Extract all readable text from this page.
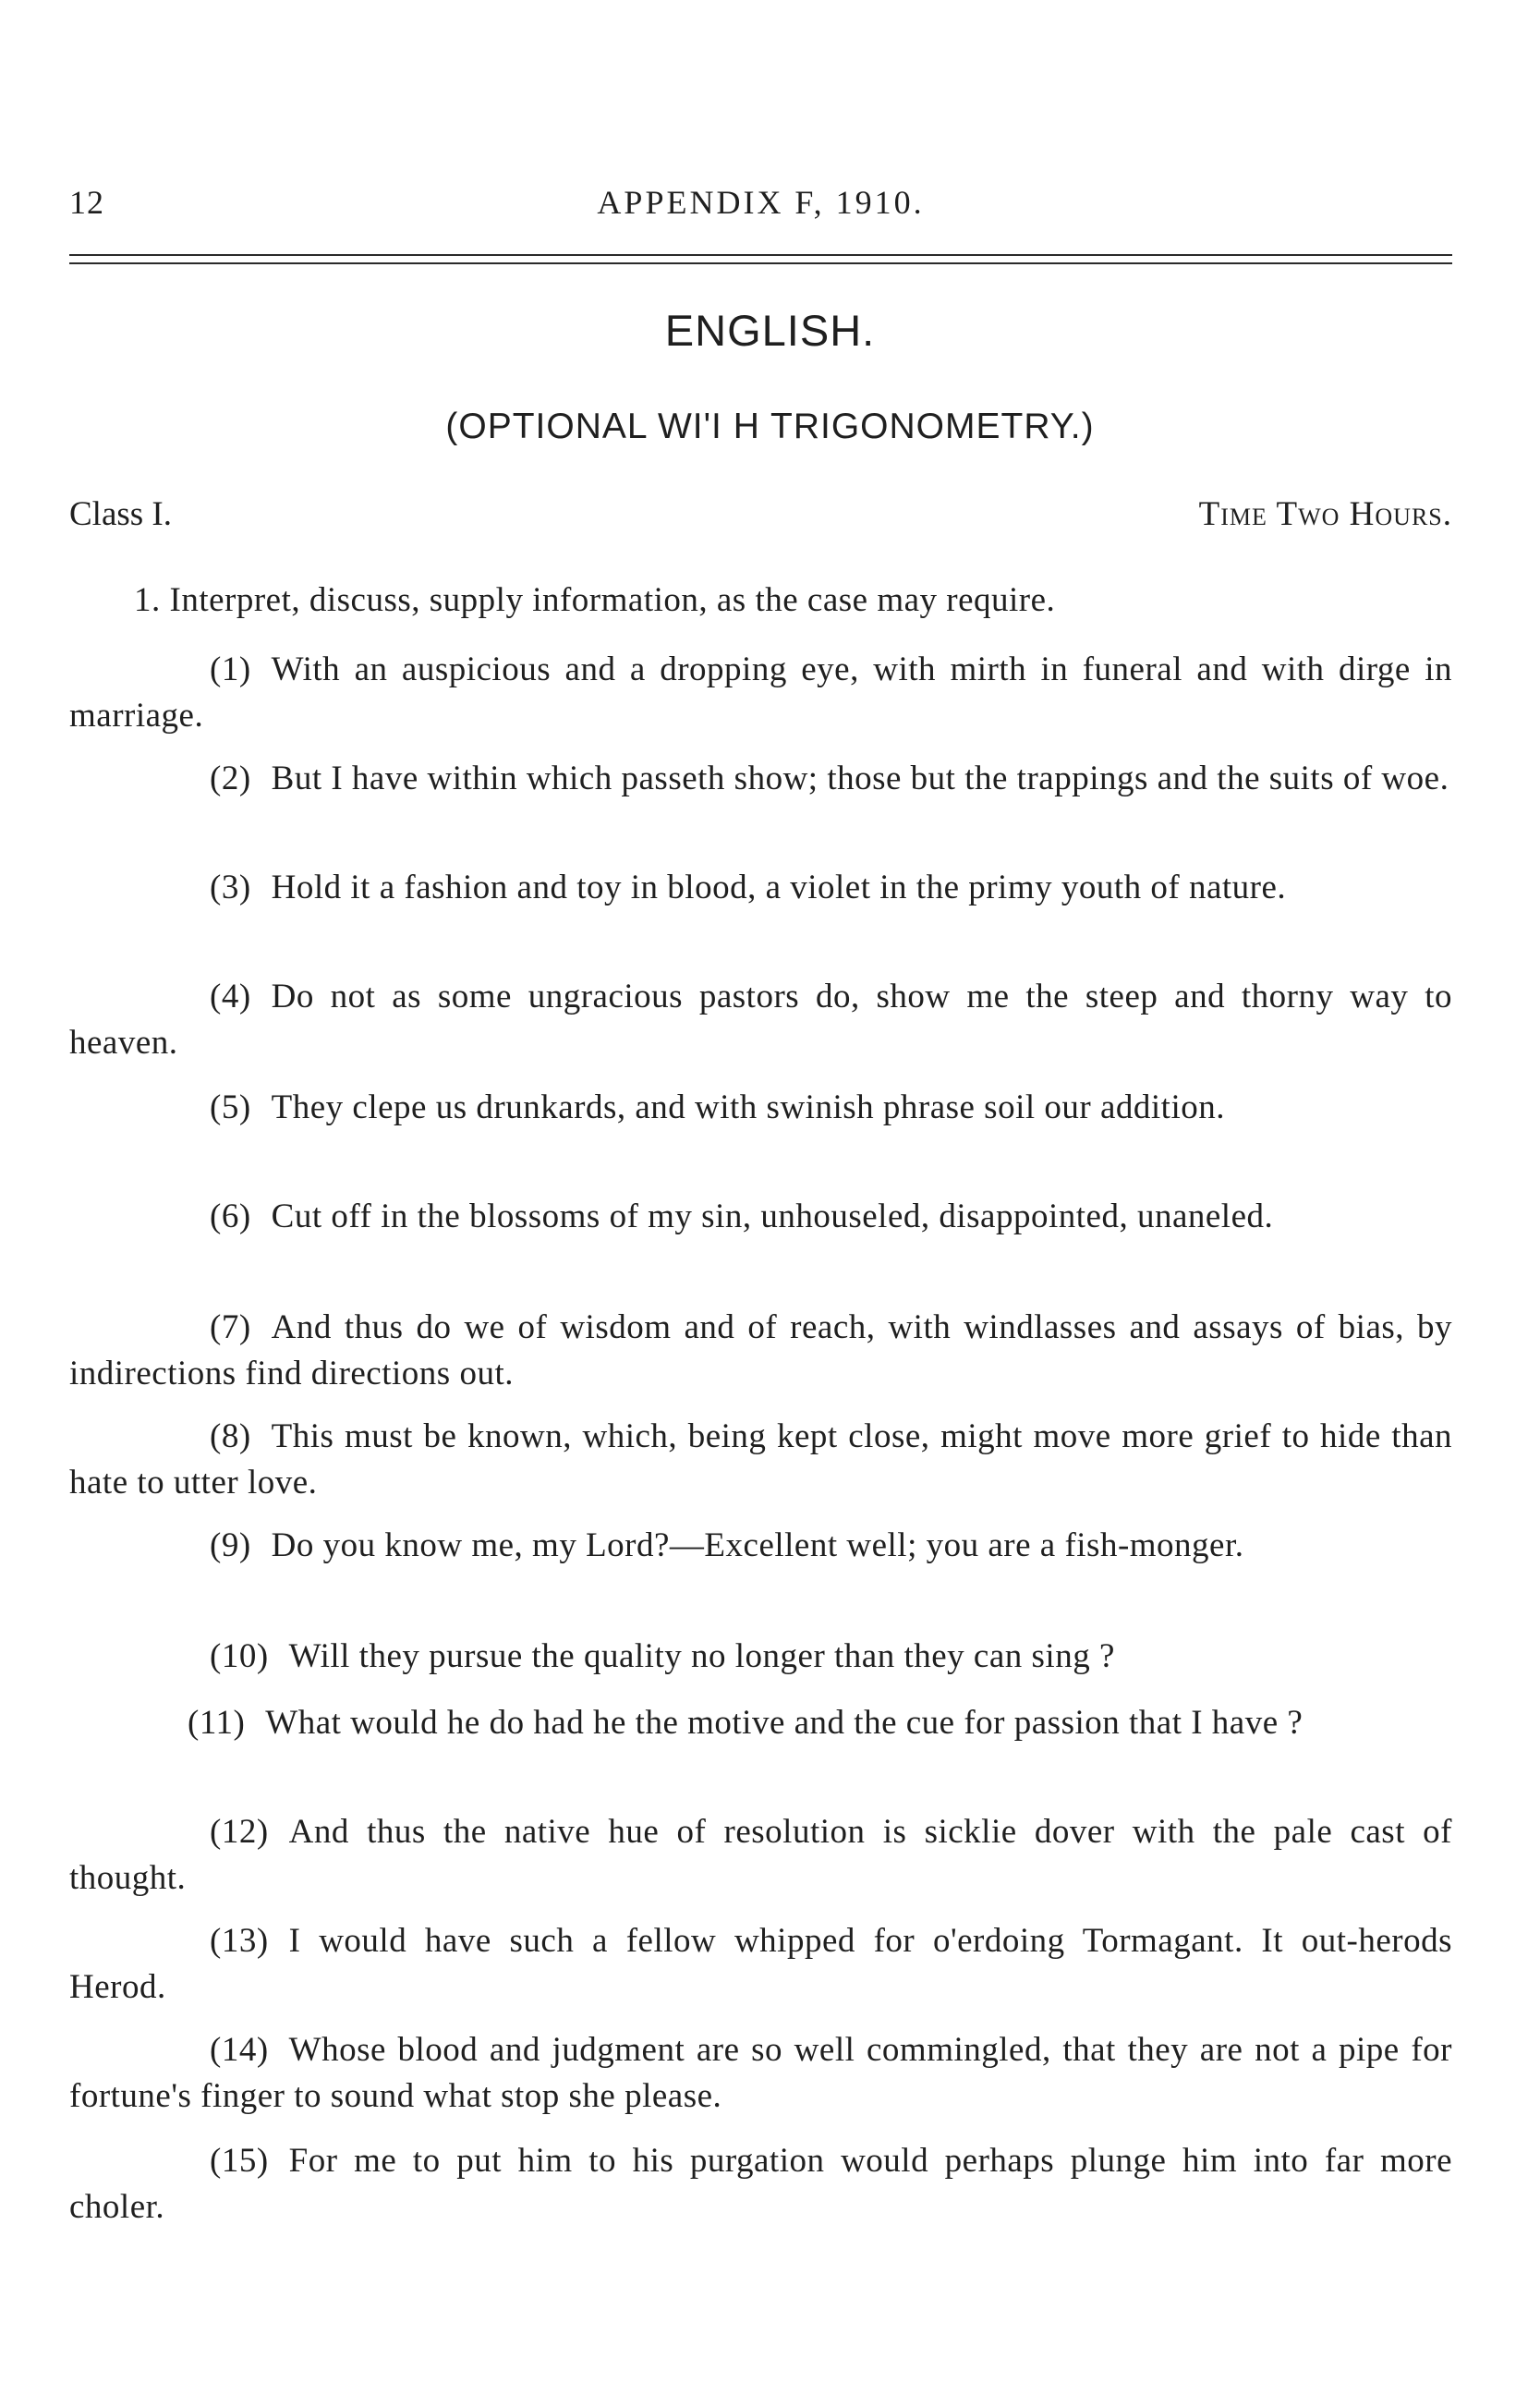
12	APPENDIX F, 1910.
ENGLISH.
(OPTIONAL WI'I H TRIGONOMETRY.)
Class I.	Time Two Hours.
1. Interpret, discuss, supply information, as the case may require.
(1) With an auspicious and a dropping eye, with mirth in funeral and with dirge in marriage.
(2) But I have within which passeth show; those but the trappings and the suits of woe.
(3) Hold it a fashion and toy in blood, a violet in the primy youth of nature.
(4) Do not as some ungracious pastors do, show me the steep and thorny way to heaven.
(5) They clepe us drunkards, and with swinish phrase soil our addition.
(6) Cut off in the blossoms of my sin, unhouseled, disappointed, unaneled.
(7) And thus do we of wisdom and of reach, with windlasses and assays of bias, by indirections find directions out.
(8) This must be known, which, being kept close, might move more grief to hide than hate to utter love.
(9) Do you know me, my Lord?—Excellent well; you are a fish-monger.
(10) Will they pursue the quality no longer than they can sing ?
(11) What would he do had he the motive and the cue for passion that I have ?
(12) And thus the native hue of resolution is sicklie dover with the pale cast of thought.
(13) I would have such a fellow whipped for o'erdoing Tormagant. It out-herods Herod.
(14) Whose blood and judgment are so well commingled, that they are not a pipe for fortune's finger to sound what stop she please.
(15) For me to put him to his purgation would perhaps plunge him into far more choler.
